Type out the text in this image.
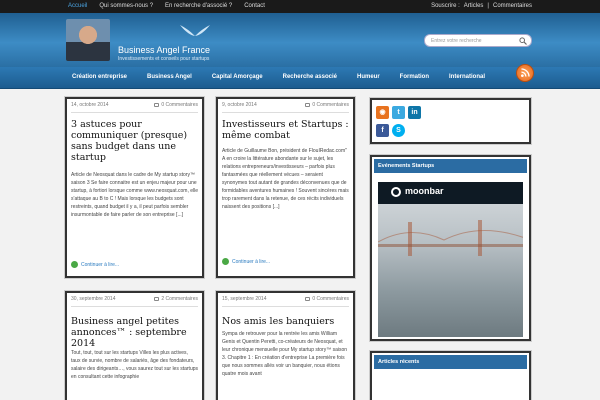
Accueil Qui sommes-nous ? En recherche d'associé ? Contact	Souscrire : Articles | Commentaires
Business Angel France
Investissements et conseils pour startups
Entrez votre recherche
Création entreprise	Business Angel	Capital Amorçage	Recherche associé	Humeur	Formation	International
14, octobre 2014	0 Commentaires
3 astuces pour communiquer (presque) sans budget dans une startup
Article de Neosquat dans le cadre de My startup story™ saison 3 Se faire connaitre est un enjeu majeur pour une startup, à fortiori lorsque comme www.neosquat.com, elle s'attaque au B to C ! Mais lorsque les budgets sont restreints, quand budget il y a, il peut parfois sembler insurmontable de faire parler de son entreprise [...]
Continuer à lire...
9, octobre 2014	0 Commentaires
Investisseurs et Startups : même combat
Article de Guillaume Bon, président de FlouIRedac.com" A en croire la littérature abondante sur le sujet, les relations entrepreneurs/investisseurs – parfois plus fantasmées que réellement vécues – seraient synonymes tout autant de grandes déconvenues que de formidables aventures humaines ! Souvent sincères mais trop rarement dans la retenue, de ces récits individuels naissent des positions [...]
Continuer à lire...
30, septembre 2014	2 Commentaires
Business angel petites annonces™ : septembre 2014
Tout, tout, tout sur les startups Villes les plus actives, taux de survie, nombre de salariés, âge des fondateurs, salaire des dirigeants…, vous saurez tout sur les startups en consultant cette infographie
15, septembre 2014	0 Commentaires
Nos amis les banquiers
Sympa de retrouver pour la rentrée les amis William Genis et Quentin Peretti, co-créateurs de Neosquat, et leur chronique mensuelle pour My startup story™ saison 3. Chapitre 1 : En création d'entreprise La première fois que nous sommes allés voir un banquier, nous étions quatre mois avant
◉	t	in
f	S
Evénements Startups
moonbar
Articles récents
